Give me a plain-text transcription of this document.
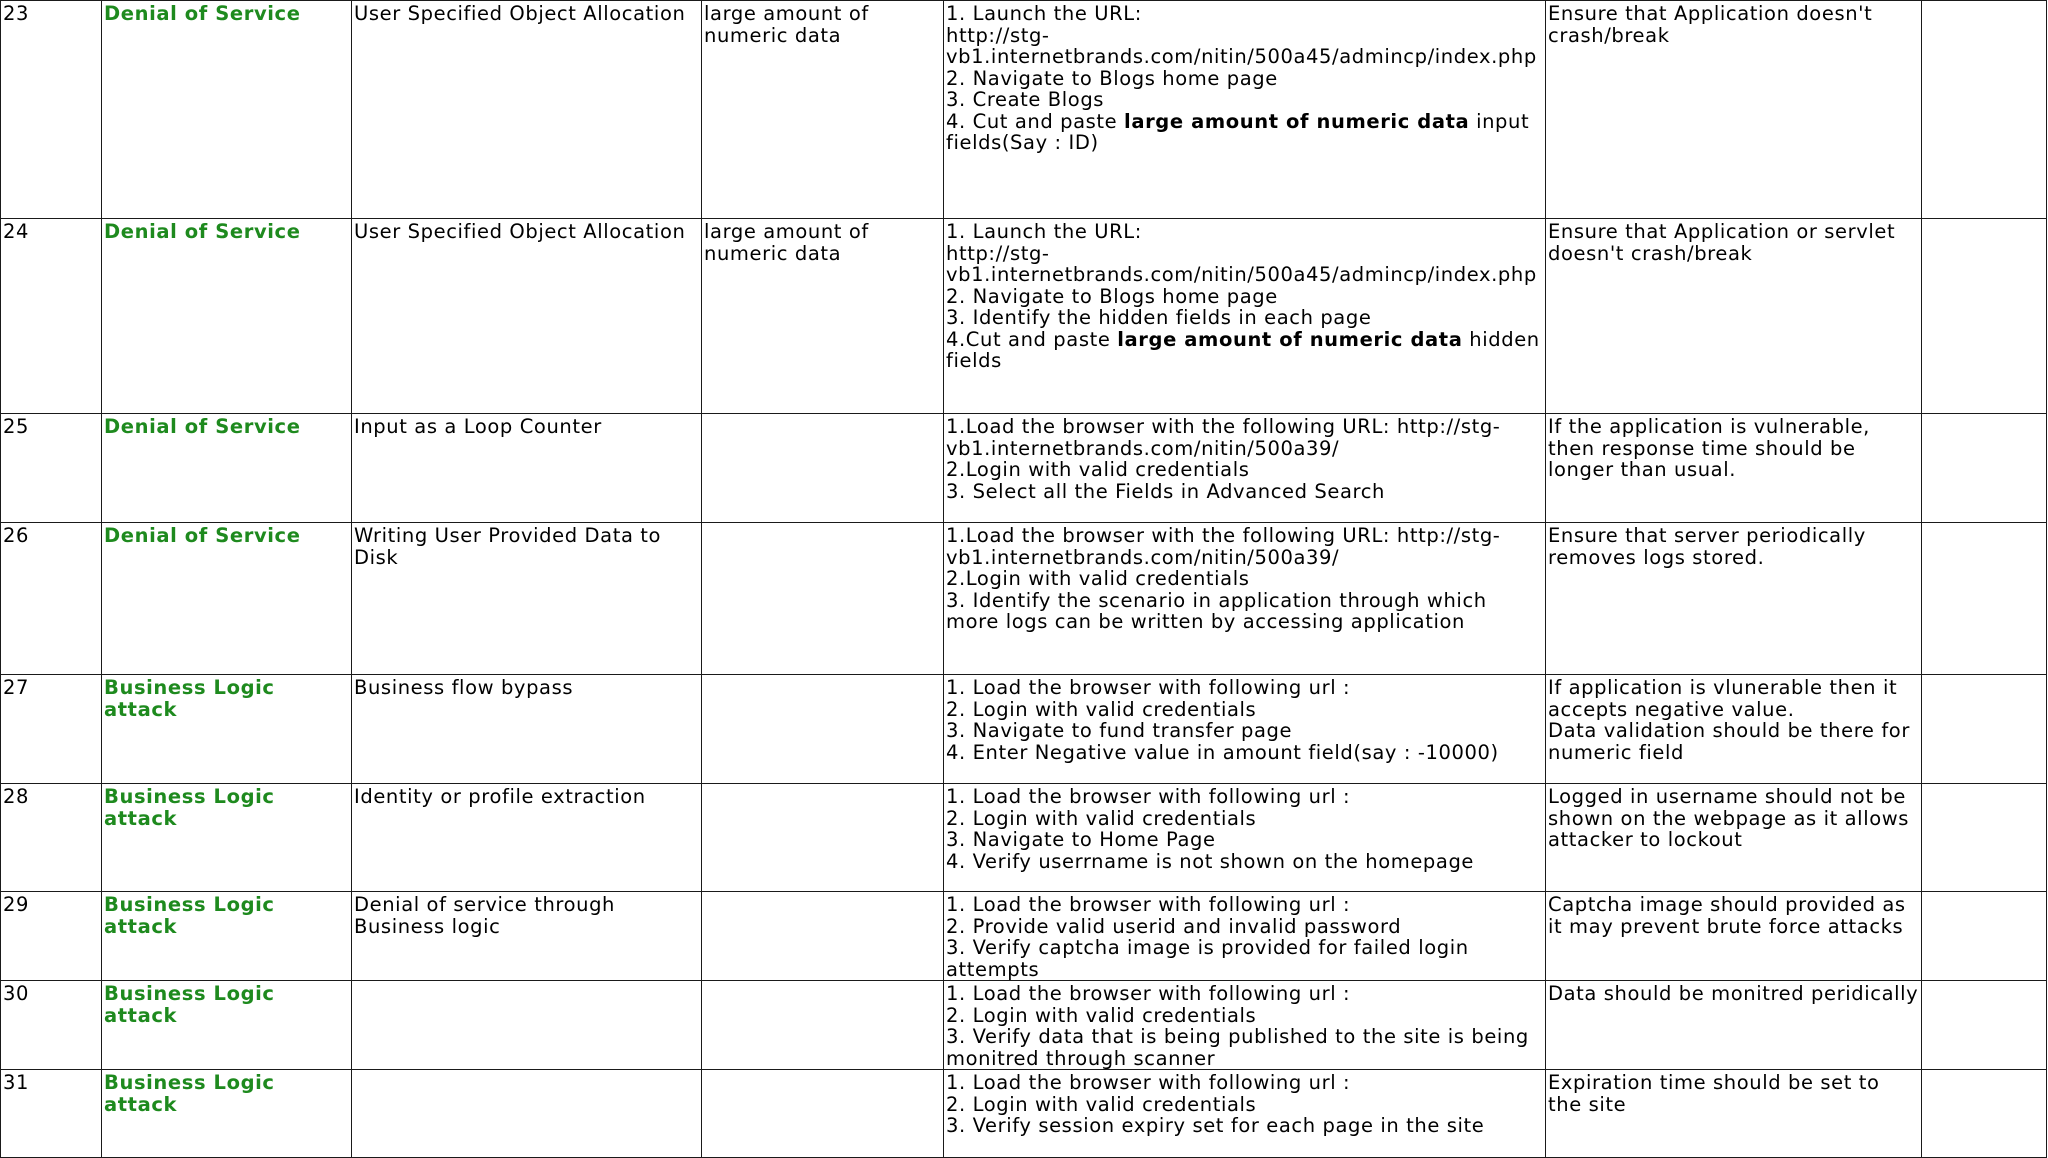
23	Denial of Service	User Specified Object Allocation	large amount of numeric data	1. Launch the URL:
http://stg-vb1.internetbrands.com/nitin/500a45/admincp/index.php
2. Navigate to Blogs home page
3. Create Blogs
4. Cut and paste large amount of numeric data input fields(Say : ID)	Ensure that Application doesn't crash/break	

24	Denial of Service	User Specified Object Allocation	large amount of numeric data	1. Launch the URL:
http://stg-vb1.internetbrands.com/nitin/500a45/admincp/index.php
2. Navigate to Blogs home page
3. Identify the hidden fields in each page
4.Cut and paste large amount of numeric data hidden fields	Ensure that Application or servlet doesn't crash/break	

25	Denial of Service	Input as a Loop Counter		1.Load the browser with the following URL: http://stg-vb1.internetbrands.com/nitin/500a39/
2.Login with valid credentials
3. Select all the Fields in Advanced Search	If the application is vulnerable, then response time should be longer than usual.	

26	Denial of Service	Writing User Provided Data to Disk		1.Load the browser with the following URL: http://stg-vb1.internetbrands.com/nitin/500a39/
2.Login with valid credentials
3. Identify the scenario in application through which more logs can be written by accessing application	Ensure that server periodically removes logs stored.	

27	Business Logic attack	Business flow bypass		1. Load the browser with following url :
2. Login with valid credentials
3. Navigate to fund transfer page
4. Enter Negative value in amount field(say : -10000)	If application is vlunerable then it accepts negative value.
Data validation should be there for numeric field	

28	Business Logic attack	Identity or profile extraction		1. Load the browser with following url :
2. Login with valid credentials
3. Navigate to Home Page
4. Verify userrname is not shown on the homepage	Logged in username should not be shown on the webpage as it allows attacker to lockout	

29	Business Logic attack	Denial of service through Business logic		1. Load the browser with following url :
2. Provide valid userid and invalid password
3. Verify captcha image is provided for failed login attempts	Captcha image should provided as it may prevent brute force attacks	

30	Business Logic attack			1. Load the browser with following url :
2. Login with valid credentials
3. Verify data that is being published to the site is being monitred through scanner	Data should be monitred peridically	

31	Business Logic attack			1. Load the browser with following url :
2. Login with valid credentials
3. Verify session expiry set for each page in the site	Expiration time should be set to the site	
